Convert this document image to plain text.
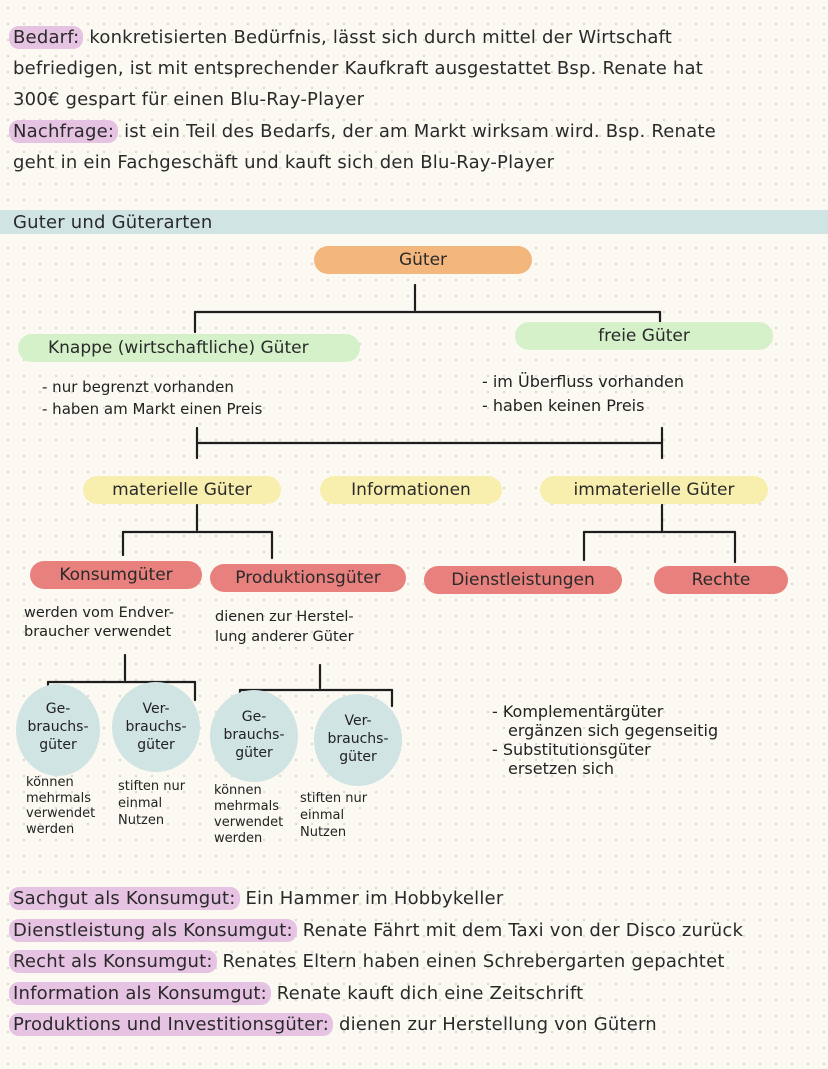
Bedarf: konkretisierten Bedürfnis, lässt sich durch mittel der Wirtschaft
befriedigen, ist mit entsprechender Kaufkraft ausgestattet Bsp. Renate hat
300€ gespart für einen Blu-Ray-Player
Nachfrage: ist ein Teil des Bedarfs, der am Markt wirksam wird. Bsp. Renate
geht in ein Fachgeschäft und kauft sich den Blu-Ray-Player
Guter und Güterarten
Güter
Knappe (wirtschaftliche) Güter
freie Güter
- nur begrenzt vorhanden
- haben am Markt einen Preis
- im Überfluss vorhanden
- haben keinen Preis
materielle Güter	Informationen	immaterielle Güter
Konsumgüter	Produktionsgüter	Dienstleistungen	Rechte
werden vom Endver-
braucher verwendet
dienen zur Herstel-
lung anderer Güter
Ge-
brauchs-
güter
Ver-
brauchs-
güter
Ge-
brauchs-
güter
Ver-
brauchs-
güter
können
mehrmals
verwendet
werden
stiften nur
einmal
Nutzen
können
mehrmals
verwendet
werden
stiften nur
einmal
Nutzen
- Komplementärgüter
ergänzen sich gegenseitig
- Substitutionsgüter
ersetzen sich
Sachgut als Konsumgut: Ein Hammer im Hobbykeller
Dienstleistung als Konsumgut: Renate Fährt mit dem Taxi von der Disco zurück
Recht als Konsumgut: Renates Eltern haben einen Schrebergarten gepachtet
Information als Konsumgut: Renate kauft dich eine Zeitschrift
Produktions und Investitionsgüter: dienen zur Herstellung von Gütern
